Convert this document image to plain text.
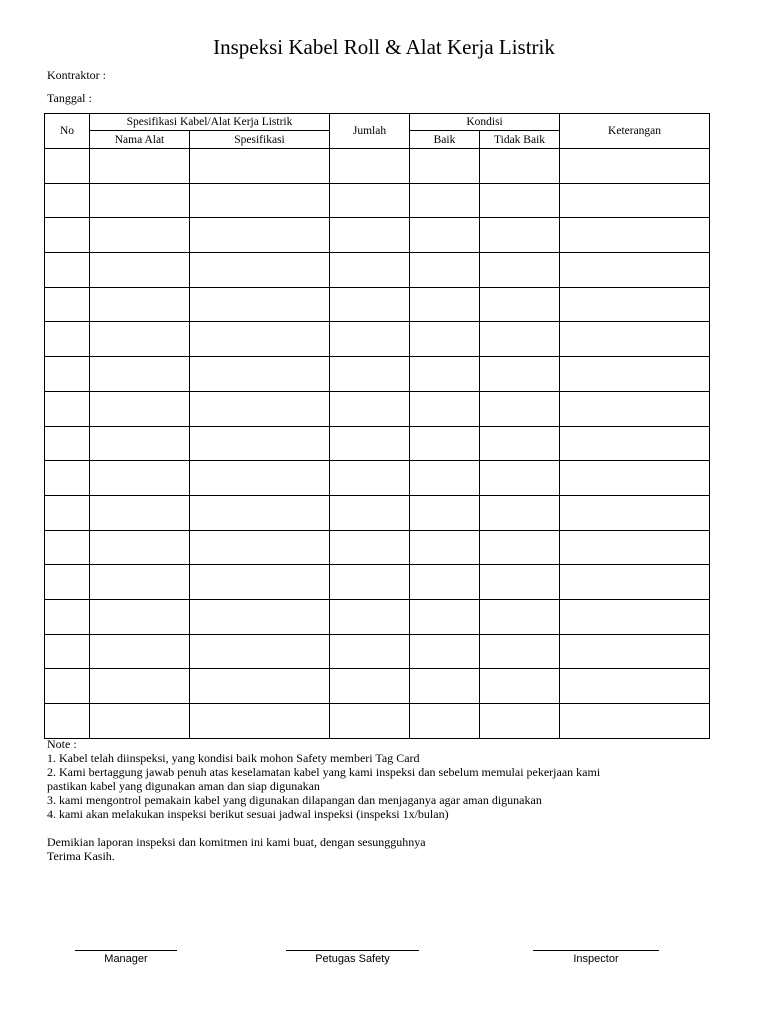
Inspeksi Kabel Roll & Alat Kerja Listrik
Kontraktor :
Tanggal :
No	Spesifikasi Kabel/Alat Kerja Listrik		Jumlah	Kondisi		Keterangan
	Nama Alat	Spesifikasi		Baik	Tidak Baik	

Note :
1. Kabel telah diinspeksi, yang kondisi baik mohon Safety memberi Tag Card
2. Kami bertaggung jawab penuh atas keselamatan kabel yang kami inspeksi dan sebelum memulai pekerjaan kami
pastikan kabel yang digunakan aman dan siap digunakan
3. kami mengontrol pemakain kabel yang digunakan dilapangan dan menjaganya agar aman digunakan
4. kami akan melakukan inspeksi berikut sesuai jadwal inspeksi (inspeksi 1x/bulan)
Demikian laporan inspeksi dan komitmen ini kami buat, dengan sesungguhnya
Terima Kasih.
Manager	Petugas Safety	Inspector
